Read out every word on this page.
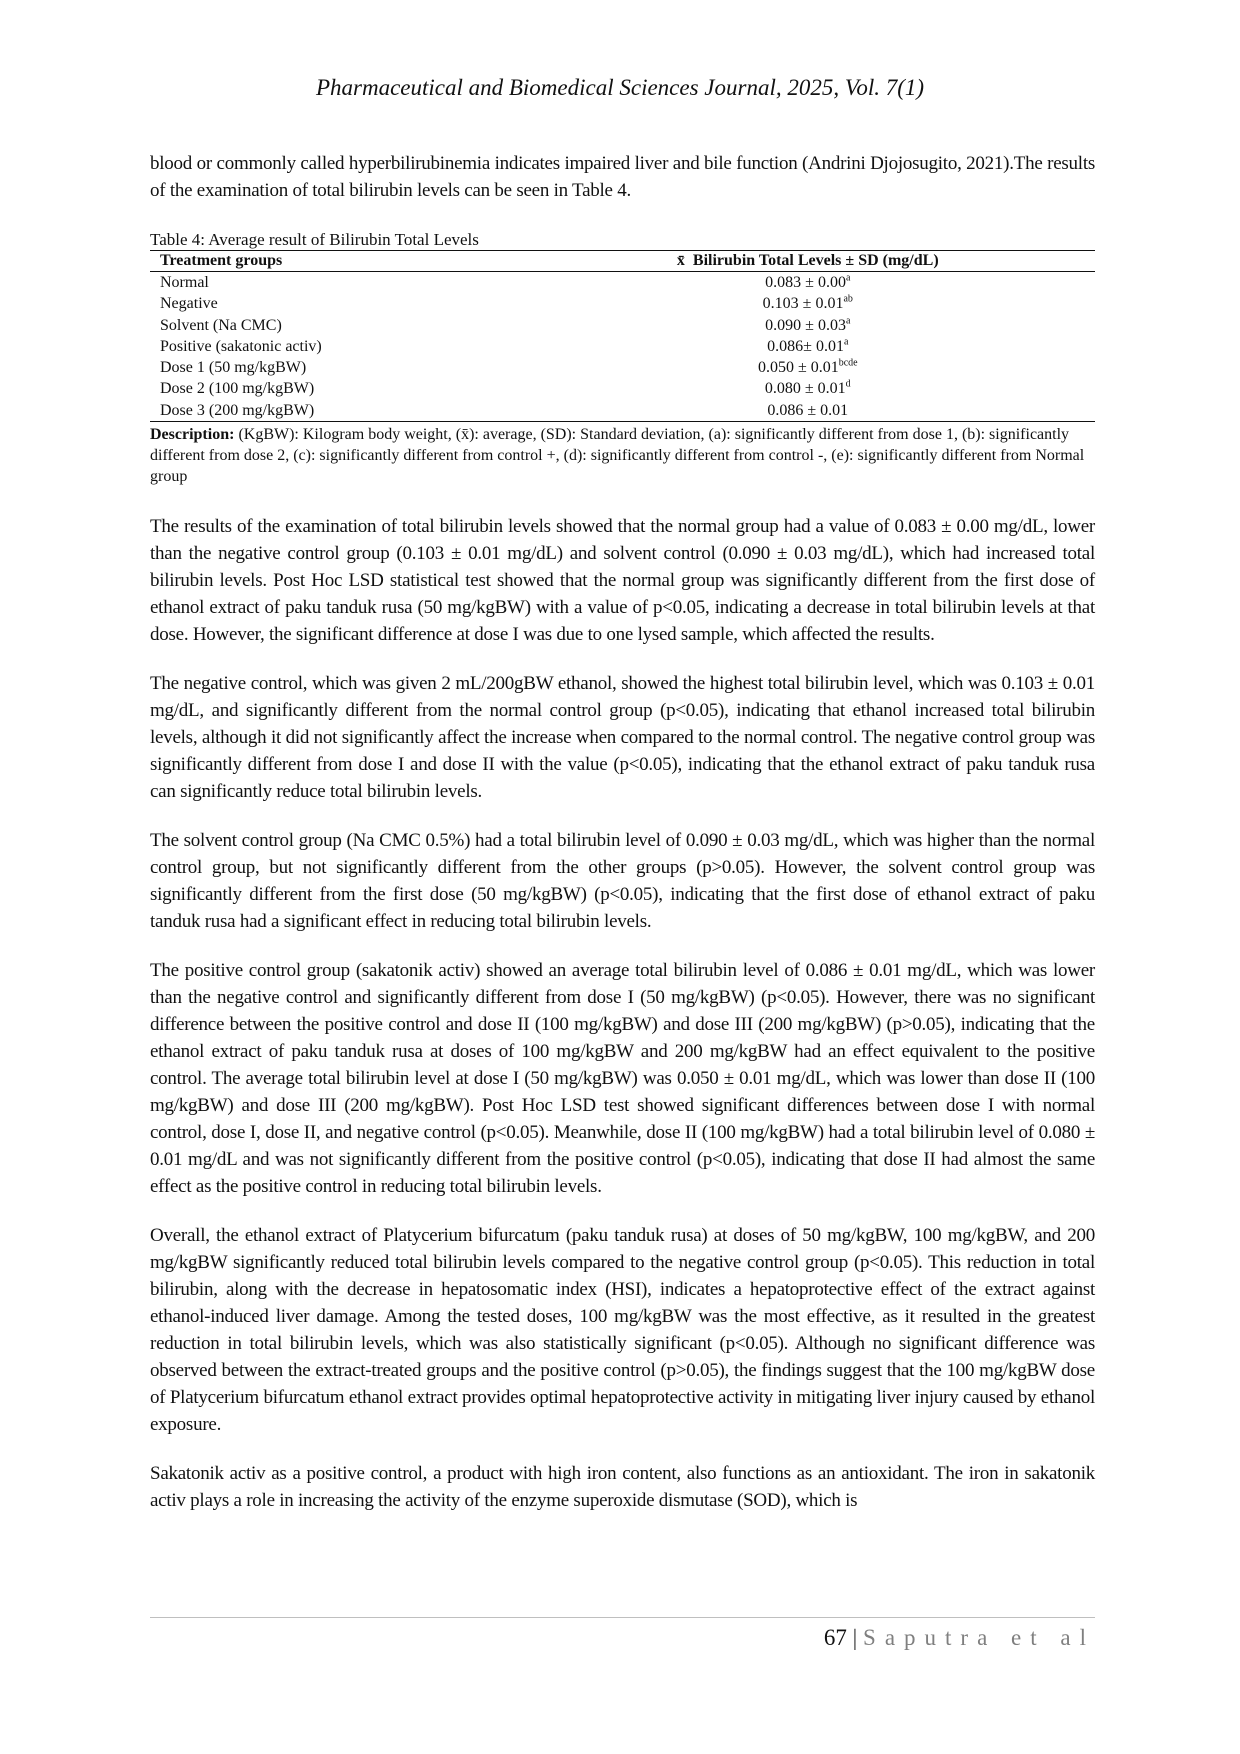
Pharmaceutical and Biomedical Sciences Journal, 2025, Vol. 7(1)

blood or commonly called hyperbilirubinemia indicates impaired liver and bile function (Andrini Djojosugito, 2021).The results of the examination of total bilirubin levels can be seen in Table 4.

Table 4: Average result of Bilirubin Total Levels
Treatment groups	x̄ Bilirubin Total Levels ± SD (mg/dL)
Normal	0.083 ± 0.00$^a$
Negative	0.103 ± 0.01$^{ab}$
Solvent (Na CMC)	0.090 ± 0.03$^a$
Positive (sakatonic activ)	0.086± 0.01$^a$
Dose 1 (50 mg/kgBW)	$0.050 \pm 0.01^{bcde}$
Dose 2 (100 mg/kgBW)	0.080 ± 0.01$^d$
Dose 3 (200 mg/kgBW)	0.086 ± 0.01
Description: (KgBW): Kilogram body weight, (x̄): average, (SD): Standard deviation, (a): significantly different from dose 1, (b): significantly different from dose 2, (c): significantly different from control +, (d): significantly different from control -, (e): significantly different from Normal group

The results of the examination of total bilirubin levels showed that the normal group had a value of 0.083 ± 0.00 mg/dL, lower than the negative control group (0.103 ± 0.01 mg/dL) and solvent control (0.090 ± 0.03 mg/dL), which had increased total bilirubin levels. Post Hoc LSD statistical test showed that the normal group was significantly different from the first dose of ethanol extract of paku tanduk rusa (50 mg/kgBW) with a value of p<0.05, indicating a decrease in total bilirubin levels at that dose. However, the significant difference at dose I was due to one lysed sample, which affected the results.

The negative control, which was given 2 mL/200gBW ethanol, showed the highest total bilirubin level, which was 0.103 ± 0.01 mg/dL, and significantly different from the normal control group (p<0.05), indicating that ethanol increased total bilirubin levels, although it did not significantly affect the increase when compared to the normal control. The negative control group was significantly different from dose I and dose II with the value (p<0.05), indicating that the ethanol extract of paku tanduk rusa can significantly reduce total bilirubin levels.

The solvent control group (Na CMC 0.5%) had a total bilirubin level of 0.090 ± 0.03 mg/dL, which was higher than the normal control group, but not significantly different from the other groups (p>0.05). However, the solvent control group was significantly different from the first dose (50 mg/kgBW) (p<0.05), indicating that the first dose of ethanol extract of paku tanduk rusa had a significant effect in reducing total bilirubin levels.

The positive control group (sakatonik activ) showed an average total bilirubin level of 0.086 ± 0.01 mg/dL, which was lower than the negative control and significantly different from dose I (50 mg/kgBW) (p<0.05). However, there was no significant difference between the positive control and dose II (100 mg/kgBW) and dose III (200 mg/kgBW) (p>0.05), indicating that the ethanol extract of paku tanduk rusa at doses of 100 mg/kgBW and 200 mg/kgBW had an effect equivalent to the positive control. The average total bilirubin level at dose I (50 mg/kgBW) was 0.050 ± 0.01 mg/dL, which was lower than dose II (100 mg/kgBW) and dose III (200 mg/kgBW). Post Hoc LSD test showed significant differences between dose I with normal control, dose I, dose II, and negative control (p<0.05). Meanwhile, dose II (100 mg/kgBW) had a total bilirubin level of 0.080 ± 0.01 mg/dL and was not significantly different from the positive control (p<0.05), indicating that dose II had almost the same effect as the positive control in reducing total bilirubin levels.

Overall, the ethanol extract of Platycerium bifurcatum (paku tanduk rusa) at doses of 50 mg/kgBW, 100 mg/kgBW, and 200 mg/kgBW significantly reduced total bilirubin levels compared to the negative control group (p<0.05). This reduction in total bilirubin, along with the decrease in hepatosomatic index (HSI), indicates a hepatoprotective effect of the extract against ethanol-induced liver damage. Among the tested doses, 100 mg/kgBW was the most effective, as it resulted in the greatest reduction in total bilirubin levels, which was also statistically significant (p<0.05). Although no significant difference was observed between the extract-treated groups and the positive control (p>0.05), the findings suggest that the 100 mg/kgBW dose of Platycerium bifurcatum ethanol extract provides optimal hepatoprotective activity in mitigating liver injury caused by ethanol exposure.

Sakatonik activ as a positive control, a product with high iron content, also functions as an antioxidant. The iron in sakatonik activ plays a role in increasing the activity of the enzyme superoxide dismutase (SOD), which is

67 | Saputra et al
